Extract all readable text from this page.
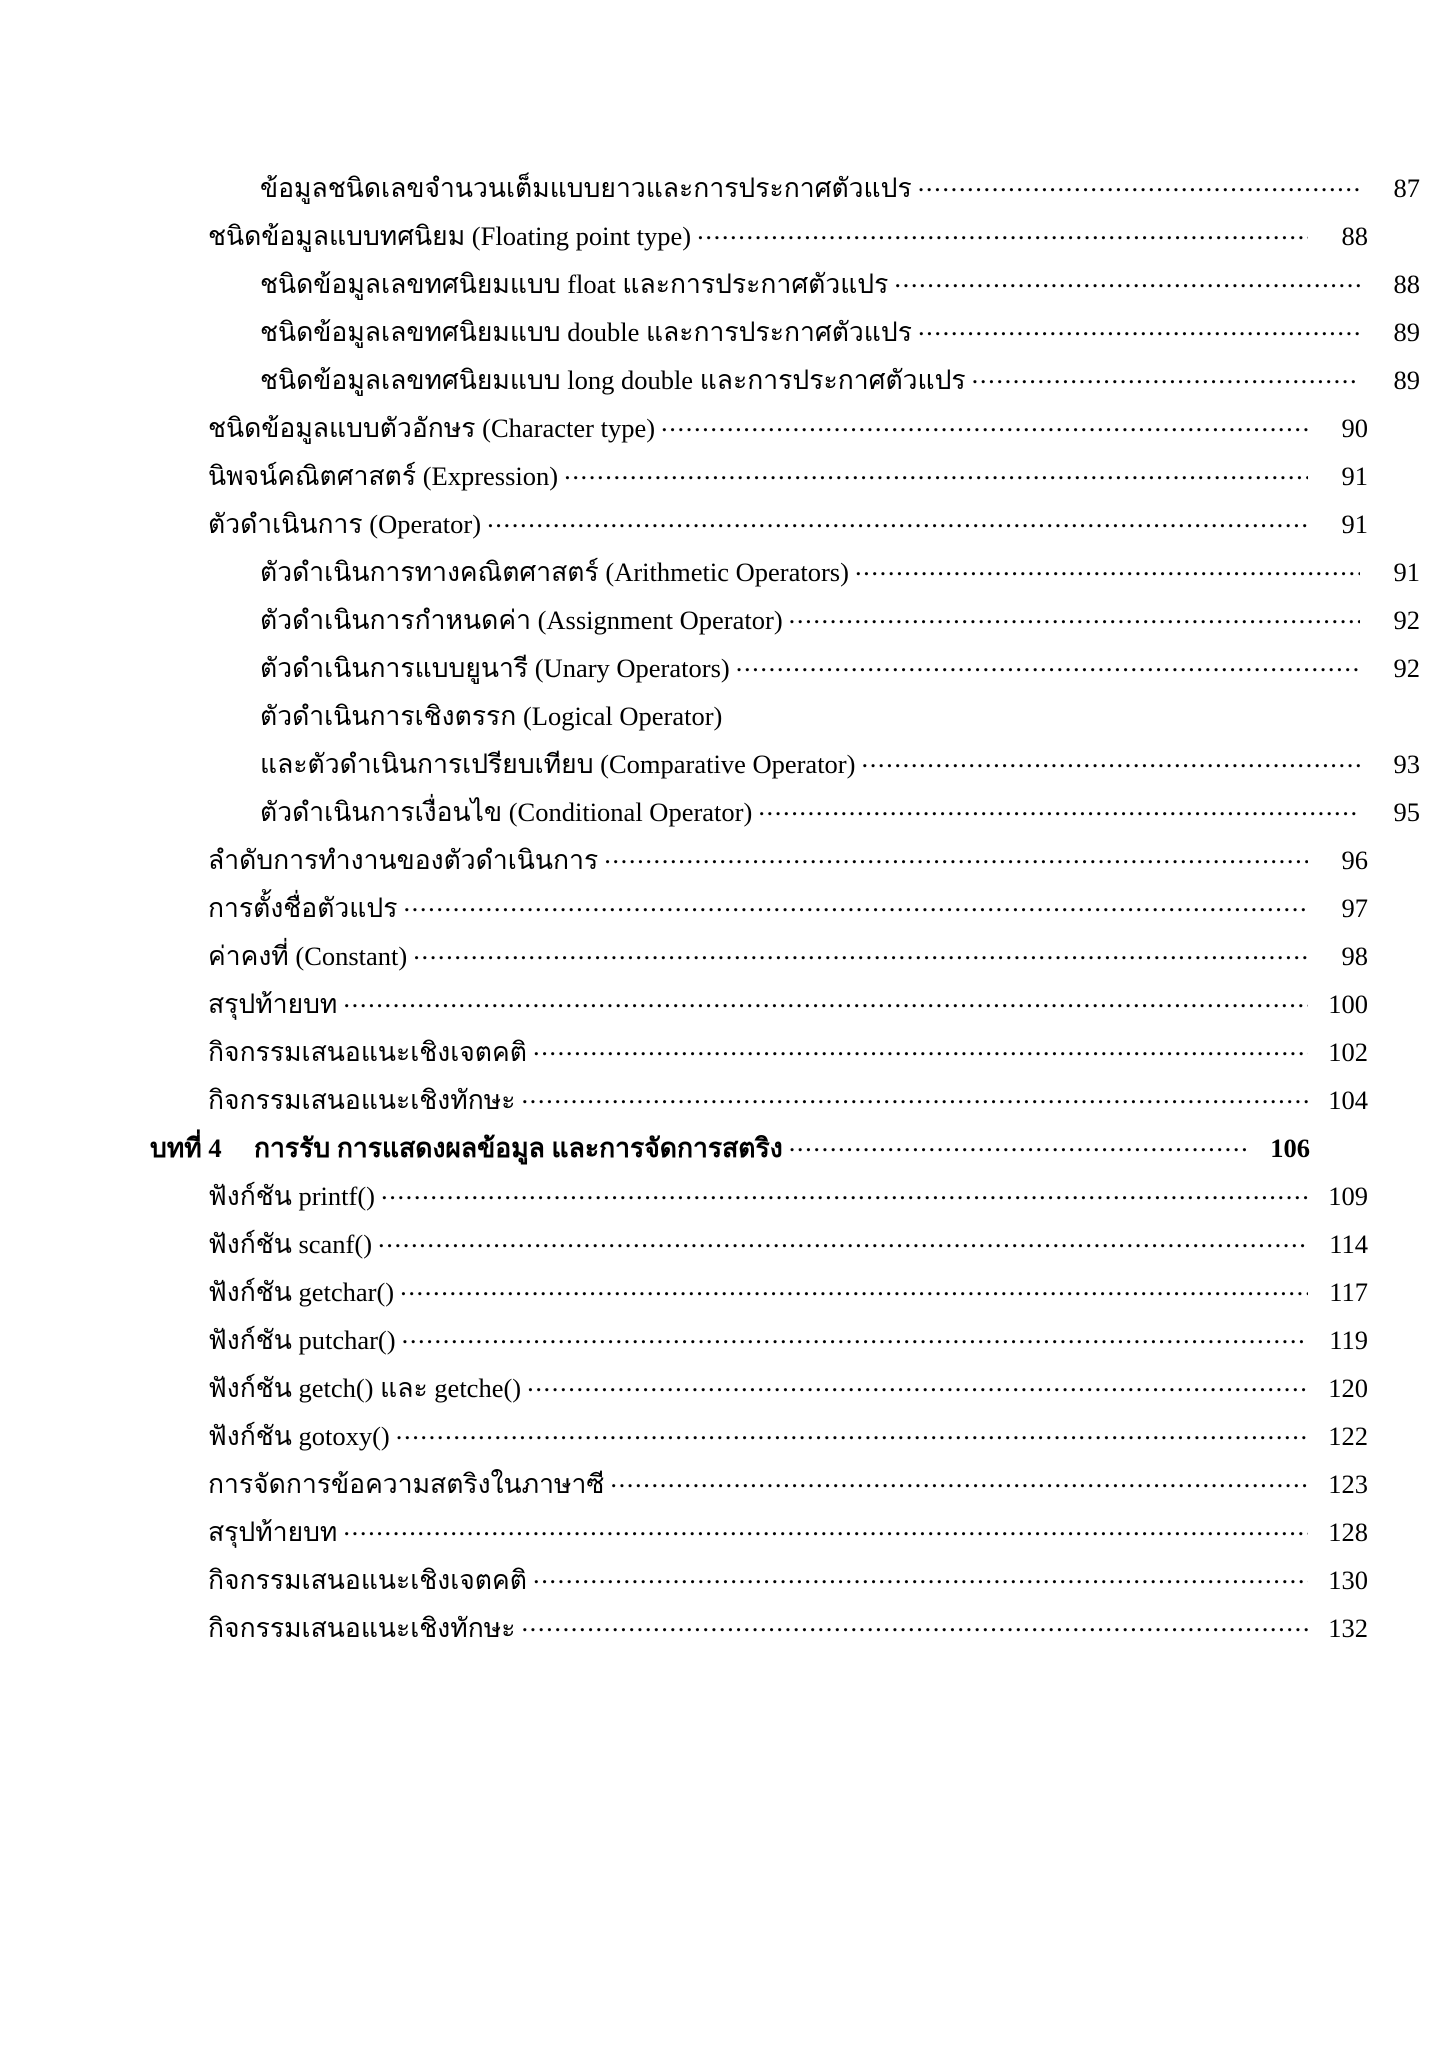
ข้อมูลชนิดเลขจำนวนเต็มแบบยาวและการประกาศตัวแปร .....	87
ชนิดข้อมูลแบบทศนิยม (Floating point type) .....	88
ชนิดข้อมูลเลขทศนิยมแบบ float และการประกาศตัวแปร .....	88
ชนิดข้อมูลเลขทศนิยมแบบ double และการประกาศตัวแปร .....	89
ชนิดข้อมูลเลขทศนิยมแบบ long double และการประกาศตัวแปร .....	89
ชนิดข้อมูลแบบตัวอักษร (Character type) .....	90
นิพจน์คณิตศาสตร์ (Expression) .....	91
ตัวดำเนินการ (Operator) .....	91
ตัวดำเนินการทางคณิตศาสตร์ (Arithmetic Operators) .....	91
ตัวดำเนินการกำหนดค่า (Assignment Operator) .....	92
ตัวดำเนินการแบบยูนารี (Unary Operators) .....	92
ตัวดำเนินการเชิงตรรก (Logical Operator)
และตัวดำเนินการเปรียบเทียบ (Comparative Operator) .....	93
ตัวดำเนินการเงื่อนไข (Conditional Operator) .....	95
ลำดับการทำงานของตัวดำเนินการ .....	96
การตั้งชื่อตัวแปร .....	97
ค่าคงที่ (Constant) .....	98
สรุปท้ายบท .....	100
กิจกรรมเสนอแนะเชิงเจตคติ .....	102
กิจกรรมเสนอแนะเชิงทักษะ .....	104
บทที่ 4	การรับ การแสดงผลข้อมูล และการจัดการสตริง .....	106
ฟังก์ชัน printf() .....	109
ฟังก์ชัน scanf() .....	114
ฟังก์ชัน getchar() .....	117
ฟังก์ชัน putchar() .....	119
ฟังก์ชัน getch() และ getche() .....	120
ฟังก์ชัน gotoxy() .....	122
การจัดการข้อความสตริงในภาษาซี .....	123
สรุปท้ายบท .....	128
กิจกรรมเสนอแนะเชิงเจตคติ .....	130
กิจกรรมเสนอแนะเชิงทักษะ .....	132
